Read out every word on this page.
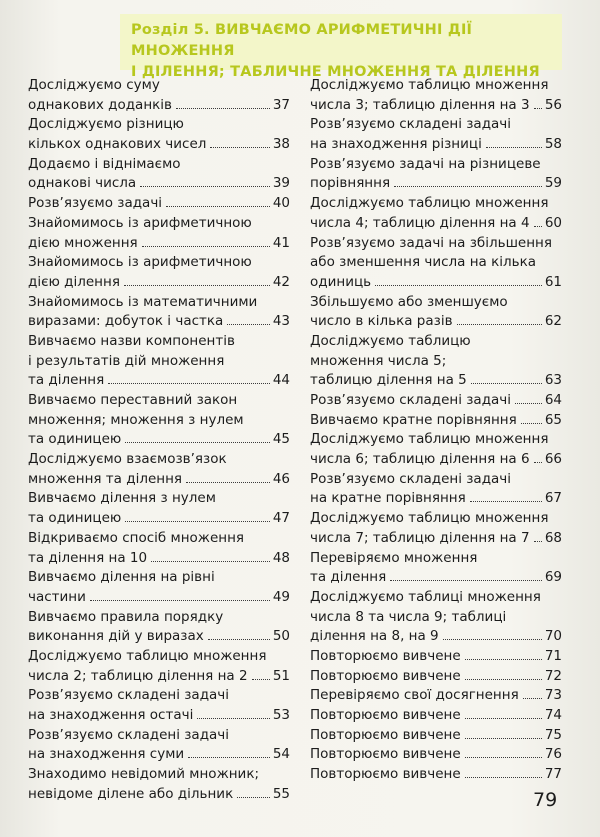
Розділ 5. ВИВЧАЄМО АРИФМЕТИЧНІ ДІЇ МНОЖЕННЯ
І ДІЛЕННЯ; ТАБЛИЧНЕ МНОЖЕННЯ ТА ДІЛЕННЯ
Досліджуємо суму
однакових доданків	37
Досліджуємо різницю
кількох однакових чисел	38
Додаємо і віднімаємо
однакові числа	39
Розв’язуємо задачі	40
Знайомимось із арифметичною
дією множення	41
Знайомимось із арифметичною
дією ділення	42
Знайомимось із математичними
виразами: добуток і частка	43
Вивчаємо назви компонентів
і результатів дій множення
та ділення	44
Вивчаємо переставний закон
множення; множення з нулем
та одиницею	45
Досліджуємо взаємозв’язок
множення та ділення	46
Вивчаємо ділення з нулем
та одиницею	47
Відкриваємо спосіб множення
та ділення на 10	48
Вивчаємо ділення на рівні
частини	49
Вивчаємо правила порядку
виконання дій у виразах	50
Досліджуємо таблицю множення
числа 2; таблицю ділення на 2 51
Розв’язуємо складені задачі
на знаходження остачі	53
Розв’язуємо складені задачі
на знаходження суми	54
Знаходимо невідомий множник;
невідоме ділене або дільник	55
Досліджуємо таблицю множення
числа 3; таблицю ділення на 3 56
Розв’язуємо складені задачі
на знаходження різниці	58
Розв’язуємо задачі на різницеве
порівняння	59
Досліджуємо таблицю множення
числа 4; таблицю ділення на 4 60
Розв’язуємо задачі на збільшення
або зменшення числа на кілька
одиниць	61
Збільшуємо або зменшуємо
число в кілька разів	62
Досліджуємо таблицю
множення числа 5;
таблицю ділення на 5	63
Розв’язуємо складені задачі	64
Вивчаємо кратне порівняння 65
Досліджуємо таблицю множення
числа 6; таблицю ділення на 6 66
Розв’язуємо складені задачі
на кратне порівняння	67
Досліджуємо таблицю множення
числа 7; таблицю ділення на 7 68
Перевіряємо множення
та ділення	69
Досліджуємо таблиці множення
числа 8 та числа 9; таблиці
ділення на 8, на 9	70
Повторюємо вивчене	71
Повторюємо вивчене	72
Перевіряємо свої досягнення 73
Повторюємо вивчене	74
Повторюємо вивчене	75
Повторюємо вивчене	76
Повторюємо вивчене	77

79
